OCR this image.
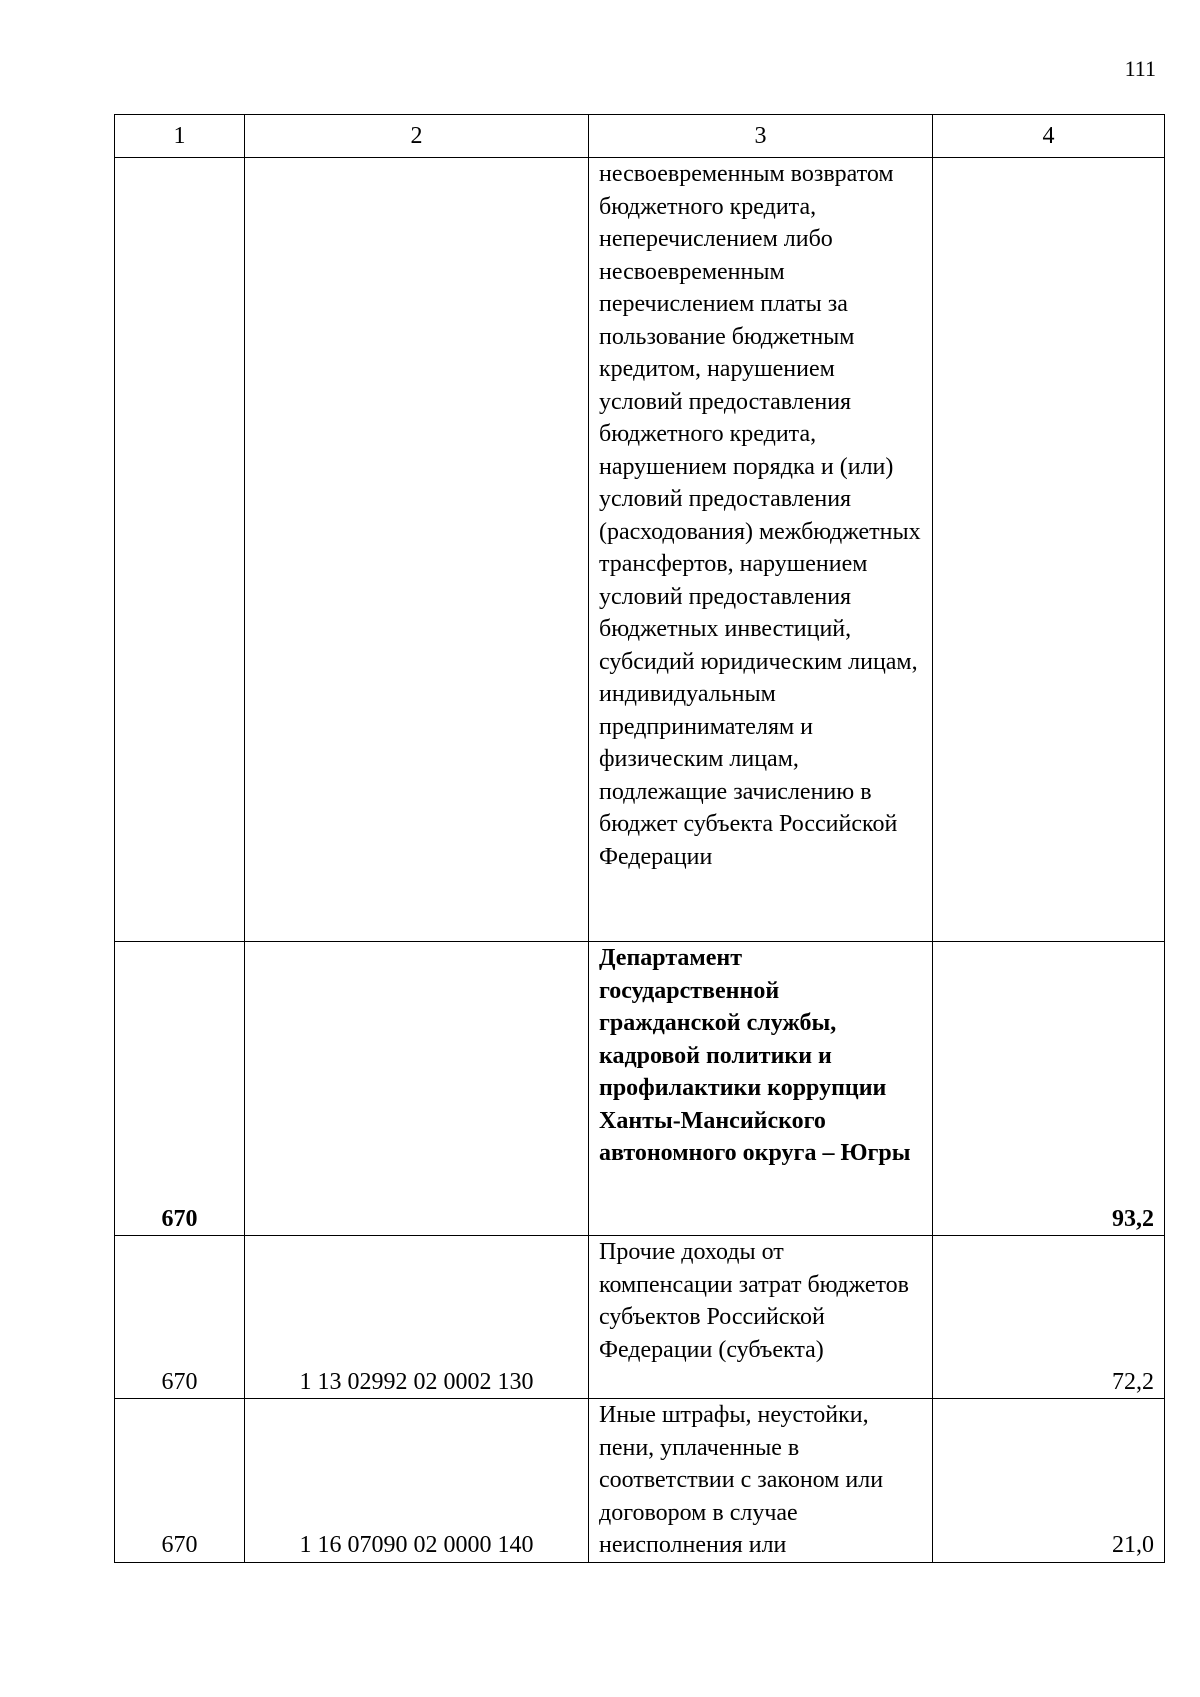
111
1	2	3	4
		несвоевременным возвратом бюджетного кредита, неперечислением либо несвоевременным перечислением платы за пользование бюджетным кредитом, нарушением условий предоставления бюджетного кредита, нарушением порядка и (или) условий предоставления (расходования) межбюджетных трансфертов, нарушением условий предоставления бюджетных инвестиций, субсидий юридическим лицам, индивидуальным предпринимателям и физическим лицам, подлежащие зачислению в бюджет субъекта Российской Федерации	
670		Департамент государственной гражданской службы, кадровой политики и профилактики коррупции Ханты-Мансийского автономного округа – Югры	93,2
670	1 13 02992 02 0002 130	Прочие доходы от компенсации затрат бюджетов субъектов Российской Федерации (субъекта)	72,2
670	1 16 07090 02 0000 140	Иные штрафы, неустойки, пени, уплаченные в соответствии с законом или договором в случае неисполнения или	21,0
